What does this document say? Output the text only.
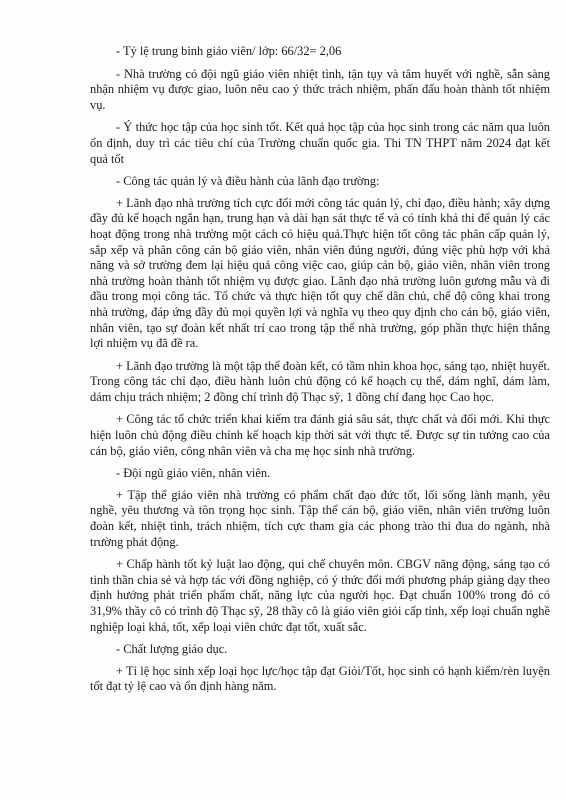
- Tỷ lệ trung bình giáo viên/ lớp: 66/32= 2,06

- Nhà trường có đội ngũ giáo viên nhiệt tình, tận tụy và tâm huyết với nghề, sẵn sàng nhận nhiệm vụ được giao, luôn nêu cao ý thức trách nhiệm, phấn đấu hoàn thành tốt nhiệm vụ.

- Ý thức học tập của học sinh tốt. Kết quả học tập của học sinh trong các năm qua luôn ổn định, duy trì các tiêu chí của Trường chuẩn quốc gia. Thi TN THPT năm 2024 đạt kết quả tốt

- Công tác quản lý và điều hành của lãnh đạo trường:

+ Lãnh đạo nhà trường tích cực đổi mới công tác quản lý, chỉ đạo, điều hành; xây dựng đầy đủ kế hoạch ngắn hạn, trung hạn và dài hạn sát thực tế và có tính khả thi để quản lý các hoạt động trong nhà trường một cách có hiệu quả.Thực hiện tốt công tác phân cấp quản lý, sắp xếp và phân công cán bộ giáo viên, nhân viên đúng người, đúng việc phù hợp với khả năng và sở trường đem lại hiệu quả công việc cao, giúp cán bộ, giáo viên, nhân viên trong nhà trường hoàn thành tốt nhiệm vụ được giao. Lãnh đạo nhà trường luôn gương mẫu và đi đầu trong mọi công tác. Tổ chức và thực hiện tốt quy chế dân chủ, chế độ công khai trong nhà trường, đáp ứng đầy đủ mọi quyền lợi và nghĩa vụ theo quy định cho cán bộ, giáo viên, nhân viên, tạo sự đoàn kết nhất trí cao trong tập thể nhà trường, góp phần thực hiện thắng lợi nhiệm vụ đã đề ra.

+ Lãnh đạo trường là một tập thể đoàn kết, có tầm nhìn khoa học, sáng tạo, nhiệt huyết. Trong công tác chỉ đạo, điều hành luôn chủ động có kế hoạch cụ thể, dám nghĩ, dám làm, dám chịu trách nhiệm; 2 đồng chí trình độ Thạc sỹ, 1 đồng chí đang học Cao học.

+ Công tác tổ chức triển khai kiểm tra đánh giá sâu sát, thực chất và đổi mới. Khi thực hiện luôn chủ động điều chỉnh kế hoạch kịp thời sát với thực tế. Được sự tin tưởng cao của cán bộ, giáo viên, công nhân viên và cha mẹ học sinh nhà trường.

- Đội ngũ giáo viên, nhân viên.

+ Tập thể giáo viên nhà trường có phẩm chất đạo đức tốt, lối sống lành mạnh, yêu nghề, yêu thương và tôn trọng học sinh. Tập thể cán bộ, giáo viên, nhân viên trường luôn đoàn kết, nhiệt tình, trách nhiệm, tích cực tham gia các phong trào thi đua do ngành, nhà trường phát động.

+ Chấp hành tốt kỷ luật lao động, qui chế chuyên môn. CBGV năng động, sáng tạo có tinh thần chia sẻ và hợp tác với đồng nghiệp, có ý thức đổi mới phương pháp giảng dạy theo định hướng phát triển phẩm chất, năng lực của người học. Đạt chuẩn 100% trong đó có 31,9% thầy cô có trình độ Thạc sỹ, 28 thầy cô là giáo viên giỏi cấp tỉnh, xếp loại chuẩn nghề nghiệp loại khá, tốt, xếp loại viên chức đạt tốt, xuất sắc.

- Chất lượng giáo dục.

+ Tỉ lệ học sinh xếp loại học lực/học tập đạt Giỏi/Tốt, học sinh có hạnh kiểm/rèn luyện tốt đạt tỷ lệ cao và ổn định hàng năm.
